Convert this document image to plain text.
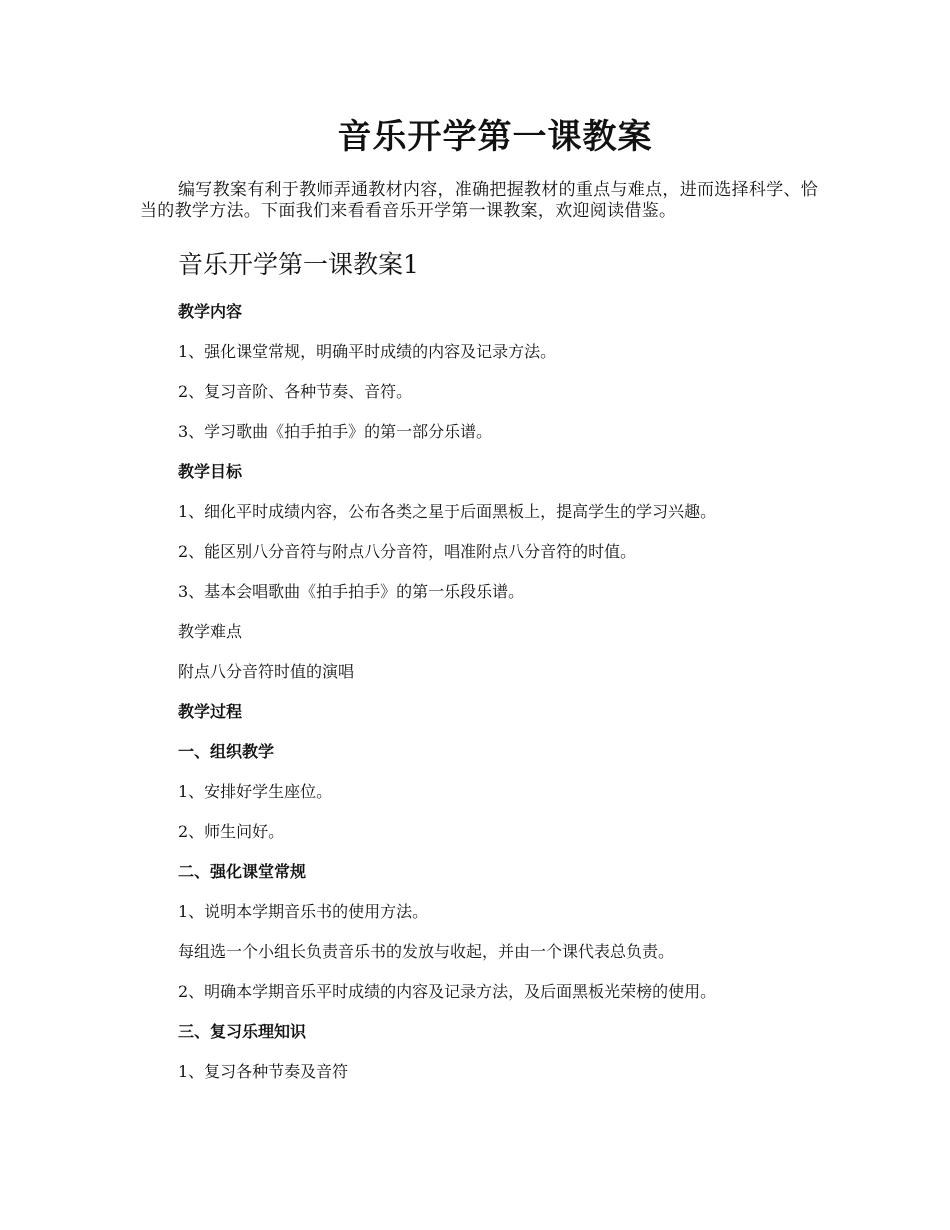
音乐开学第一课教案

编写教案有利于教师弄通教材内容，准确把握教材的重点与难点，进而选择科学、恰当的教学方法。下面我们来看看音乐开学第一课教案，欢迎阅读借鉴。

音乐开学第一课教案1

教学内容

1、强化课堂常规，明确平时成绩的内容及记录方法。

2、复习音阶、各种节奏、音符。

3、学习歌曲《拍手拍手》的第一部分乐谱。

教学目标

1、细化平时成绩内容，公布各类之星于后面黑板上，提高学生的学习兴趣。

2、能区别八分音符与附点八分音符，唱准附点八分音符的时值。

3、基本会唱歌曲《拍手拍手》的第一乐段乐谱。

教学难点

附点八分音符时值的演唱

教学过程

一、组织教学

1、安排好学生座位。

2、师生问好。

二、强化课堂常规

1、说明本学期音乐书的使用方法。

每组选一个小组长负责音乐书的发放与收起，并由一个课代表总负责。

2、明确本学期音乐平时成绩的内容及记录方法，及后面黑板光荣榜的使用。

三、复习乐理知识

1、复习各种节奏及音符
